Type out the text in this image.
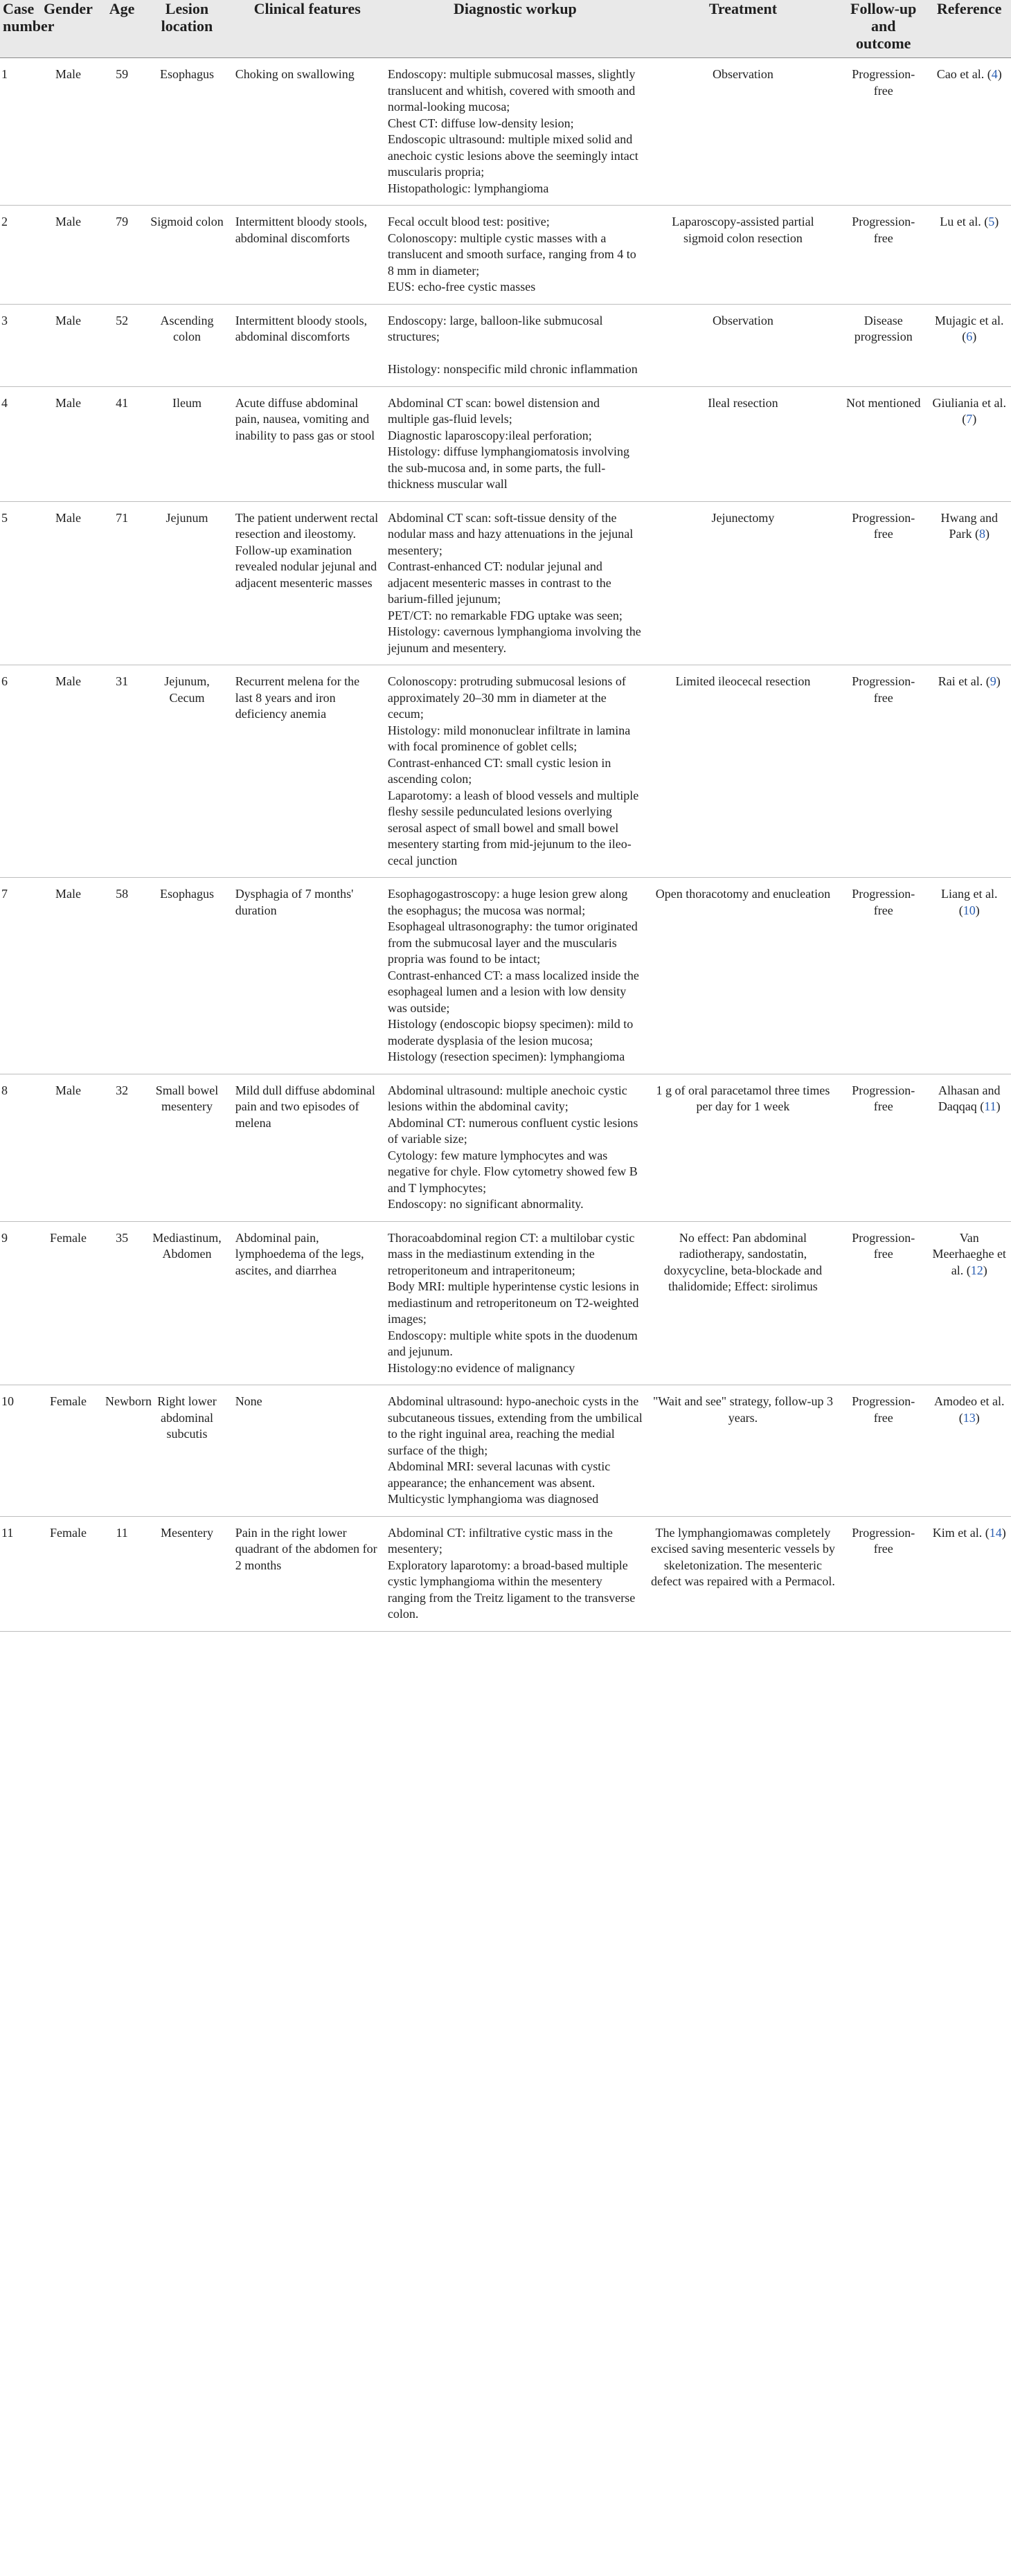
Case number	Gender	Age	Lesion location	Clinical features	Diagnostic workup	Treatment	Follow-up and outcome	Reference
1	Male	59	Esophagus	Choking on swallowing	Endoscopy: multiple submucosal masses, slightly translucent and whitish, covered with smooth and normal-looking mucosa;
Chest CT: diffuse low-density lesion;
Endoscopic ultrasound: multiple mixed solid and anechoic cystic lesions above the seemingly intact muscularis propria;
Histopathologic: lymphangioma	Observation	Progression-free	Cao et al. (4)
2	Male	79	Sigmoid colon	Intermittent bloody stools, abdominal discomforts	Fecal occult blood test: positive;
Colonoscopy: multiple cystic masses with a translucent and smooth surface, ranging from 4 to 8 mm in diameter;
EUS: echo-free cystic masses	Laparoscopy-assisted partial sigmoid colon resection	Progression-free	Lu et al. (5)
3	Male	52	Ascending colon	Intermittent bloody stools, abdominal discomforts	Endoscopy: large, balloon-like submucosal structures;
Histology: nonspecific mild chronic inflammation	Observation	Disease progression	Mujagic et al. (6)
4	Male	41	Ileum	Acute diffuse abdominal pain, nausea, vomiting and inability to pass gas or stool	Abdominal CT scan: bowel distension and multiple gas-fluid levels;
Diagnostic laparoscopy:ileal perforation;
Histology: diffuse lymphangiomatosis involving the sub-mucosa and, in some parts, the full-thickness muscular wall	Ileal resection	Not mentioned	Giuliania et al. (7)
5	Male	71	Jejunum	The patient underwent rectal resection and ileostomy. Follow-up examination revealed nodular jejunal and adjacent mesenteric masses	Abdominal CT scan: soft-tissue density of the nodular mass and hazy attenuations in the jejunal mesentery;
Contrast-enhanced CT: nodular jejunal and adjacent mesenteric masses in contrast to the barium-filled jejunum;
PET/CT: no remarkable FDG uptake was seen;
Histology: cavernous lymphangioma involving the jejunum and mesentery.	Jejunectomy	Progression-free	Hwang and Park (8)
6	Male	31	Jejunum, Cecum	Recurrent melena for the last 8 years and iron deficiency anemia	Colonoscopy: protruding submucosal lesions of approximately 20–30 mm in diameter at the cecum;
Histology: mild mononuclear infiltrate in lamina with focal prominence of goblet cells;
Contrast-enhanced CT: small cystic lesion in ascending colon;
Laparotomy: a leash of blood vessels and multiple fleshy sessile pedunculated lesions overlying serosal aspect of small bowel and small bowel mesentery starting from mid-jejunum to the ileo-cecal junction	Limited ileocecal resection	Progression-free	Rai et al. (9)
7	Male	58	Esophagus	Dysphagia of 7 months' duration	Esophagogastroscopy: a huge lesion grew along the esophagus; the mucosa was normal;
Esophageal ultrasonography: the tumor originated from the submucosal layer and the muscularis propria was found to be intact;
Contrast-enhanced CT: a mass localized inside the esophageal lumen and a lesion with low density was outside;
Histology (endoscopic biopsy specimen): mild to moderate dysplasia of the lesion mucosa;
Histology (resection specimen): lymphangioma	Open thoracotomy and enucleation	Progression-free	Liang et al. (10)
8	Male	32	Small bowel mesentery	Mild dull diffuse abdominal pain and two episodes of melena	Abdominal ultrasound: multiple anechoic cystic lesions within the abdominal cavity;
Abdominal CT: numerous confluent cystic lesions of variable size;
Cytology: few mature lymphocytes and was negative for chyle. Flow cytometry showed few B and T lymphocytes;
Endoscopy: no significant abnormality.	1 g of oral paracetamol three times per day for 1 week	Progression-free	Alhasan and Daqqaq (11)
9	Female	35	Mediastinum, Abdomen	Abdominal pain, lymphoedema of the legs, ascites, and diarrhea	Thoracoabdominal region CT: a multilobar cystic mass in the mediastinum extending in the retroperitoneum and intraperitoneum;
Body MRI: multiple hyperintense cystic lesions in mediastinum and retroperitoneum on T2-weighted images;
Endoscopy: multiple white spots in the duodenum and jejunum.
Histology:no evidence of malignancy	No effect: Pan abdominal radiotherapy, sandostatin, doxycycline, beta-blockade and thalidomide; Effect: sirolimus	Progression-free	Van Meerhaeghe et al. (12)
10	Female	Newborn	Right lower abdominal subcutis	None	Abdominal ultrasound: hypo-anechoic cysts in the subcutaneous tissues, extending from the umbilical to the right inguinal area, reaching the medial surface of the thigh;
Abdominal MRI: several lacunas with cystic appearance; the enhancement was absent.
Multicystic lymphangioma was diagnosed	"Wait and see" strategy, follow-up 3 years.	Progression-free	Amodeo et al. (13)
11	Female	11	Mesentery	Pain in the right lower quadrant of the abdomen for 2 months	Abdominal CT: infiltrative cystic mass in the mesentery;
Exploratory laparotomy: a broad-based multiple cystic lymphangioma within the mesentery ranging from the Treitz ligament to the transverse colon.	The lymphangiomawas completely excised saving mesenteric vessels by skeletonization. The mesenteric defect was repaired with a Permacol.	Progression-free	Kim et al. (14)
